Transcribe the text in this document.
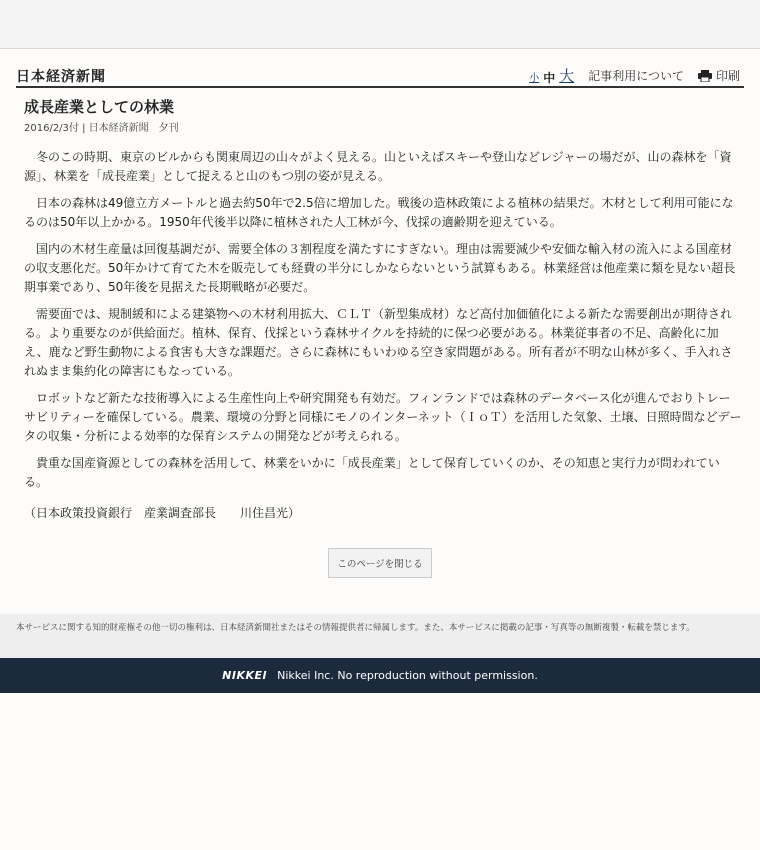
日本経済新聞	小 中 大 記事利用について	印刷
成長産業としての林業
2016/2/3付 | 日本経済新聞　夕刊

冬のこの時期、東京のビルからも関東周辺の山々がよく見える。山といえばスキーや登山などレジャーの場だが、山の森林を「資源」、林業を「成長産業」として捉えると山のもつ別の姿が見える。

日本の森林は49億立方メートルと過去約50年で2.5倍に増加した。戦後の造林政策による植林の結果だ。木材として利用可能になるのは50年以上かかる。1950年代後半以降に植林された人工林が今、伐採の適齢期を迎えている。

国内の木材生産量は回復基調だが、需要全体の３割程度を満たすにすぎない。理由は需要減少や安価な輸入材の流入による国産材の収支悪化だ。50年かけて育てた木を販売しても経費の半分にしかならないという試算もある。林業経営は他産業に類を見ない超長期事業であり、50年後を見据えた長期戦略が必要だ。

需要面では、規制緩和による建築物への木材利用拡大、ＣＬＴ（新型集成材）など高付加価値化による新たな需要創出が期待される。より重要なのが供給面だ。植林、保育、伐採という森林サイクルを持続的に保つ必要がある。林業従事者の不足、高齢化に加え、鹿など野生動物による食害も大きな課題だ。さらに森林にもいわゆる空き家問題がある。所有者が不明な山林が多く、手入れされぬまま集約化の障害にもなっている。

ロボットなど新たな技術導入による生産性向上や研究開発も有効だ。フィンランドでは森林のデータベース化が進んでおりトレーサビリティーを確保している。農業、環境の分野と同様にモノのインターネット（ＩｏＴ）を活用した気象、土壌、日照時間などデータの収集・分析による効率的な保育システムの開発などが考えられる。

貴重な国産資源としての森林を活用して、林業をいかに「成長産業」として保育していくのか、その知恵と実行力が問われている。

（日本政策投資銀行　産業調査部長　　川住昌光）
このページを閉じる
本サービスに関する知的財産権その他一切の権利は、日本経済新聞社またはその情報提供者に帰属します。また、本サービスに掲載の記事・写真等の無断複製・転載を禁じます。
NIKKEI Nikkei Inc. No reproduction without permission.
